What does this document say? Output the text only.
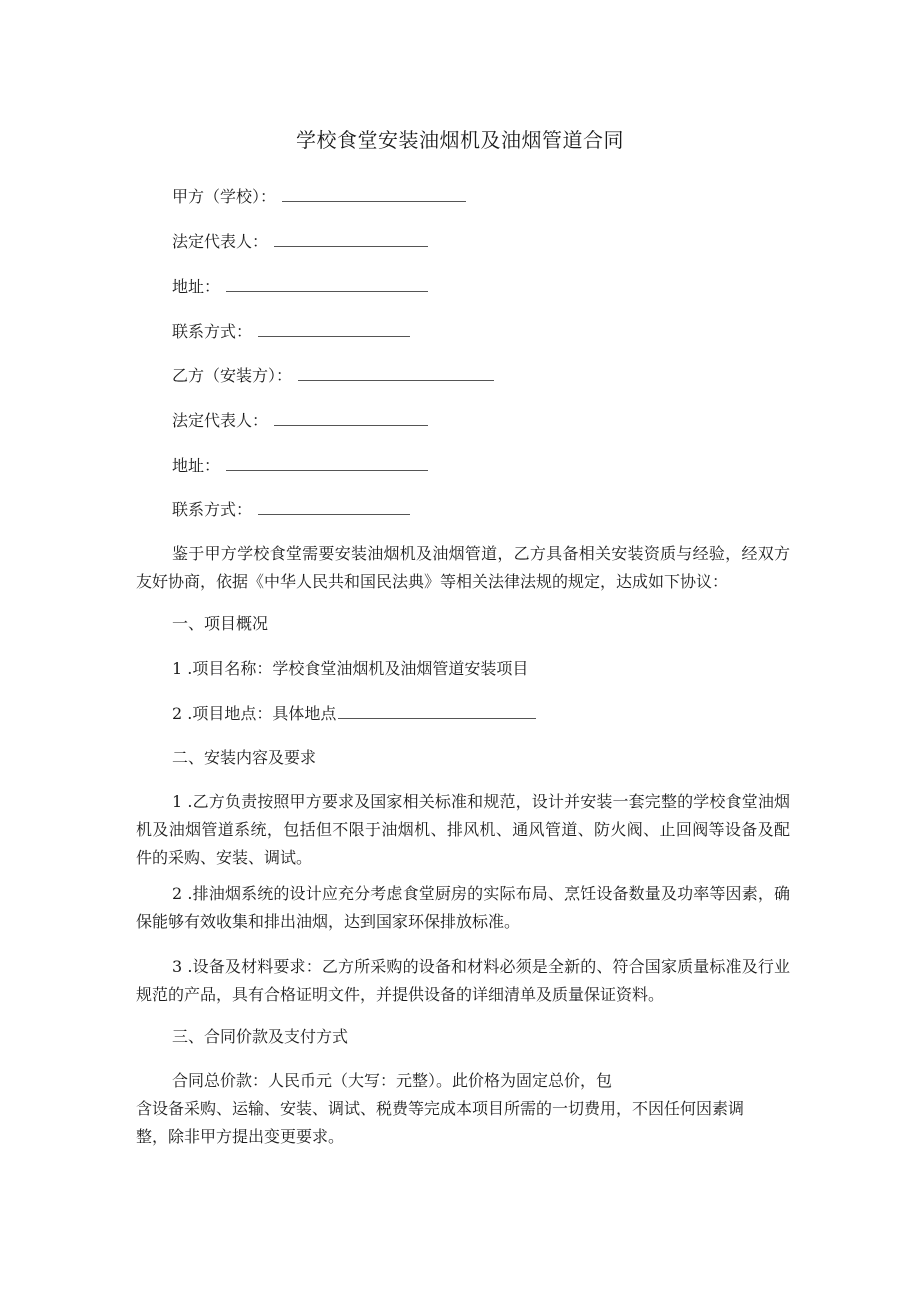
学校食堂安装油烟机及油烟管道合同
甲方（学校）：
法定代表人：
地址：
联系方式：
乙方（安装方）：
法定代表人：
地址：
联系方式：
鉴于甲方学校食堂需要安装油烟机及油烟管道，乙方具备相关安装资质与经验，经双方友好协商，依据《中华人民共和国民法典》等相关法律法规的规定，达成如下协议：
一、项目概况
1 .项目名称：学校食堂油烟机及油烟管道安装项目
2 .项目地点：具体地点
二、安装内容及要求
1 .乙方负责按照甲方要求及国家相关标准和规范，设计并安装一套完整的学校食堂油烟机及油烟管道系统，包括但不限于油烟机、排风机、通风管道、防火阀、止回阀等设备及配件的采购、安装、调试。
2 .排油烟系统的设计应充分考虑食堂厨房的实际布局、烹饪设备数量及功率等因素，确保能够有效收集和排出油烟，达到国家环保排放标准。
3 .设备及材料要求：乙方所采购的设备和材料必须是全新的、符合国家质量标准及行业规范的产品，具有合格证明文件，并提供设备的详细清单及质量保证资料。
三、合同价款及支付方式
合同总价款：人民币元（大写：元整）。此价格为固定总价，包
含设备采购、运输、安装、调试、税费等完成本项目所需的一切费用，不因任何因素调
整，除非甲方提出变更要求。
